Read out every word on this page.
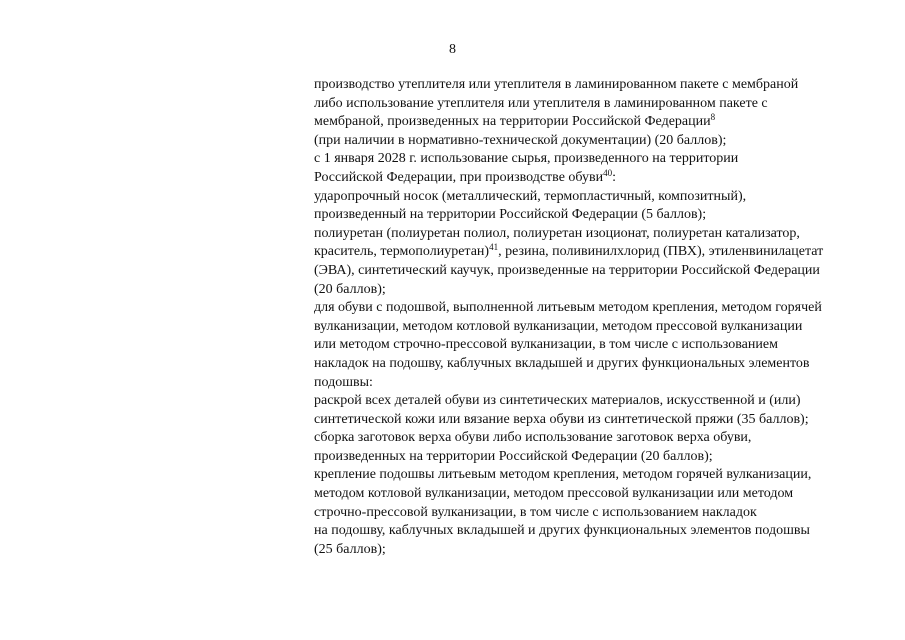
8
производство утеплителя или утеплителя в ламинированном пакете с мембраной
либо использование утеплителя или утеплителя в ламинированном пакете с
мембраной, произведенных на территории Российской Федерации$^8$
(при наличии в нормативно-технической документации) (20 баллов);
с 1 января 2028 г. использование сырья, произведенного на территории
Российской Федерации, при производстве обуви$^{40}$:
ударопрочный носок (металлический, термопластичный, композитный),
произведенный на территории Российской Федерации (5 баллов);
полиуретан (полиуретан полиол, полиуретан изоционат, полиуретан катализатор,
краситель, термополиуретан)$^{41}$, резина, поливинилхлорид (ПВХ), этиленвинилацетат
(ЭВА), синтетический каучук, произведенные на территории Российской Федерации
(20 баллов);
для обуви с подошвой, выполненной литьевым методом крепления, методом горячей
вулканизации, методом котловой вулканизации, методом прессовой вулканизации
или методом строчно-прессовой вулканизации, в том числе с использованием
накладок на подошву, каблучных вкладышей и других функциональных элементов
подошвы:
раскрой всех деталей обуви из синтетических материалов, искусственной и (или)
синтетической кожи или вязание верха обуви из синтетической пряжи (35 баллов);
сборка заготовок верха обуви либо использование заготовок верха обуви,
произведенных на территории Российской Федерации (20 баллов);
крепление подошвы литьевым методом крепления, методом горячей вулканизации,
методом котловой вулканизации, методом прессовой вулканизации или методом
строчно-прессовой вулканизации, в том числе с использованием накладок
на подошву, каблучных вкладышей и других функциональных элементов подошвы
(25 баллов);
